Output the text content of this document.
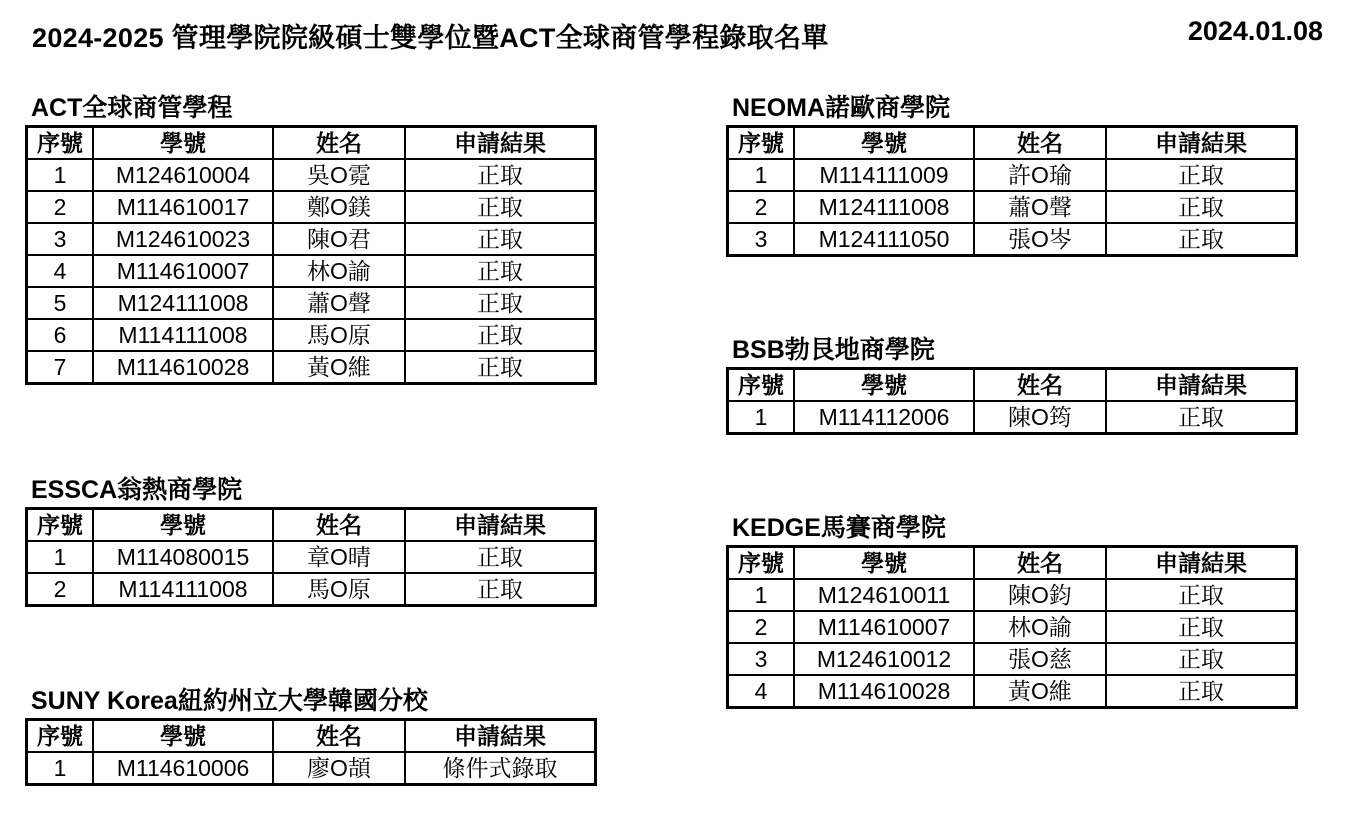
2024-2025 管理學院院級碩士雙學位暨ACT全球商管學程錄取名單	2024.01.08
ACT全球商管學程
序號	學號	姓名	申請結果
1	M124610004	吳O霓	正取
2	M114610017	鄭O鎂	正取
3	M124610023	陳O君	正取
4	M114610007	林O諭	正取
5	M124111008	蕭O聲	正取
6	M114111008	馬O原	正取
7	M114610028	黃O維	正取
ESSCA翁熱商學院
序號	學號	姓名	申請結果
1	M114080015	章O晴	正取
2	M114111008	馬O原	正取
SUNY Korea紐約州立大學韓國分校
序號	學號	姓名	申請結果
1	M114610006	廖O頡	條件式錄取
NEOMA諾歐商學院
序號	學號	姓名	申請結果
1	M114111009	許O瑜	正取
2	M124111008	蕭O聲	正取
3	M124111050	張O岑	正取
BSB勃艮地商學院
序號	學號	姓名	申請結果
1	M114112006	陳O筠	正取
KEDGE馬賽商學院
序號	學號	姓名	申請結果
1	M124610011	陳O鈞	正取
2	M114610007	林O諭	正取
3	M124610012	張O慈	正取
4	M114610028	黃O維	正取
